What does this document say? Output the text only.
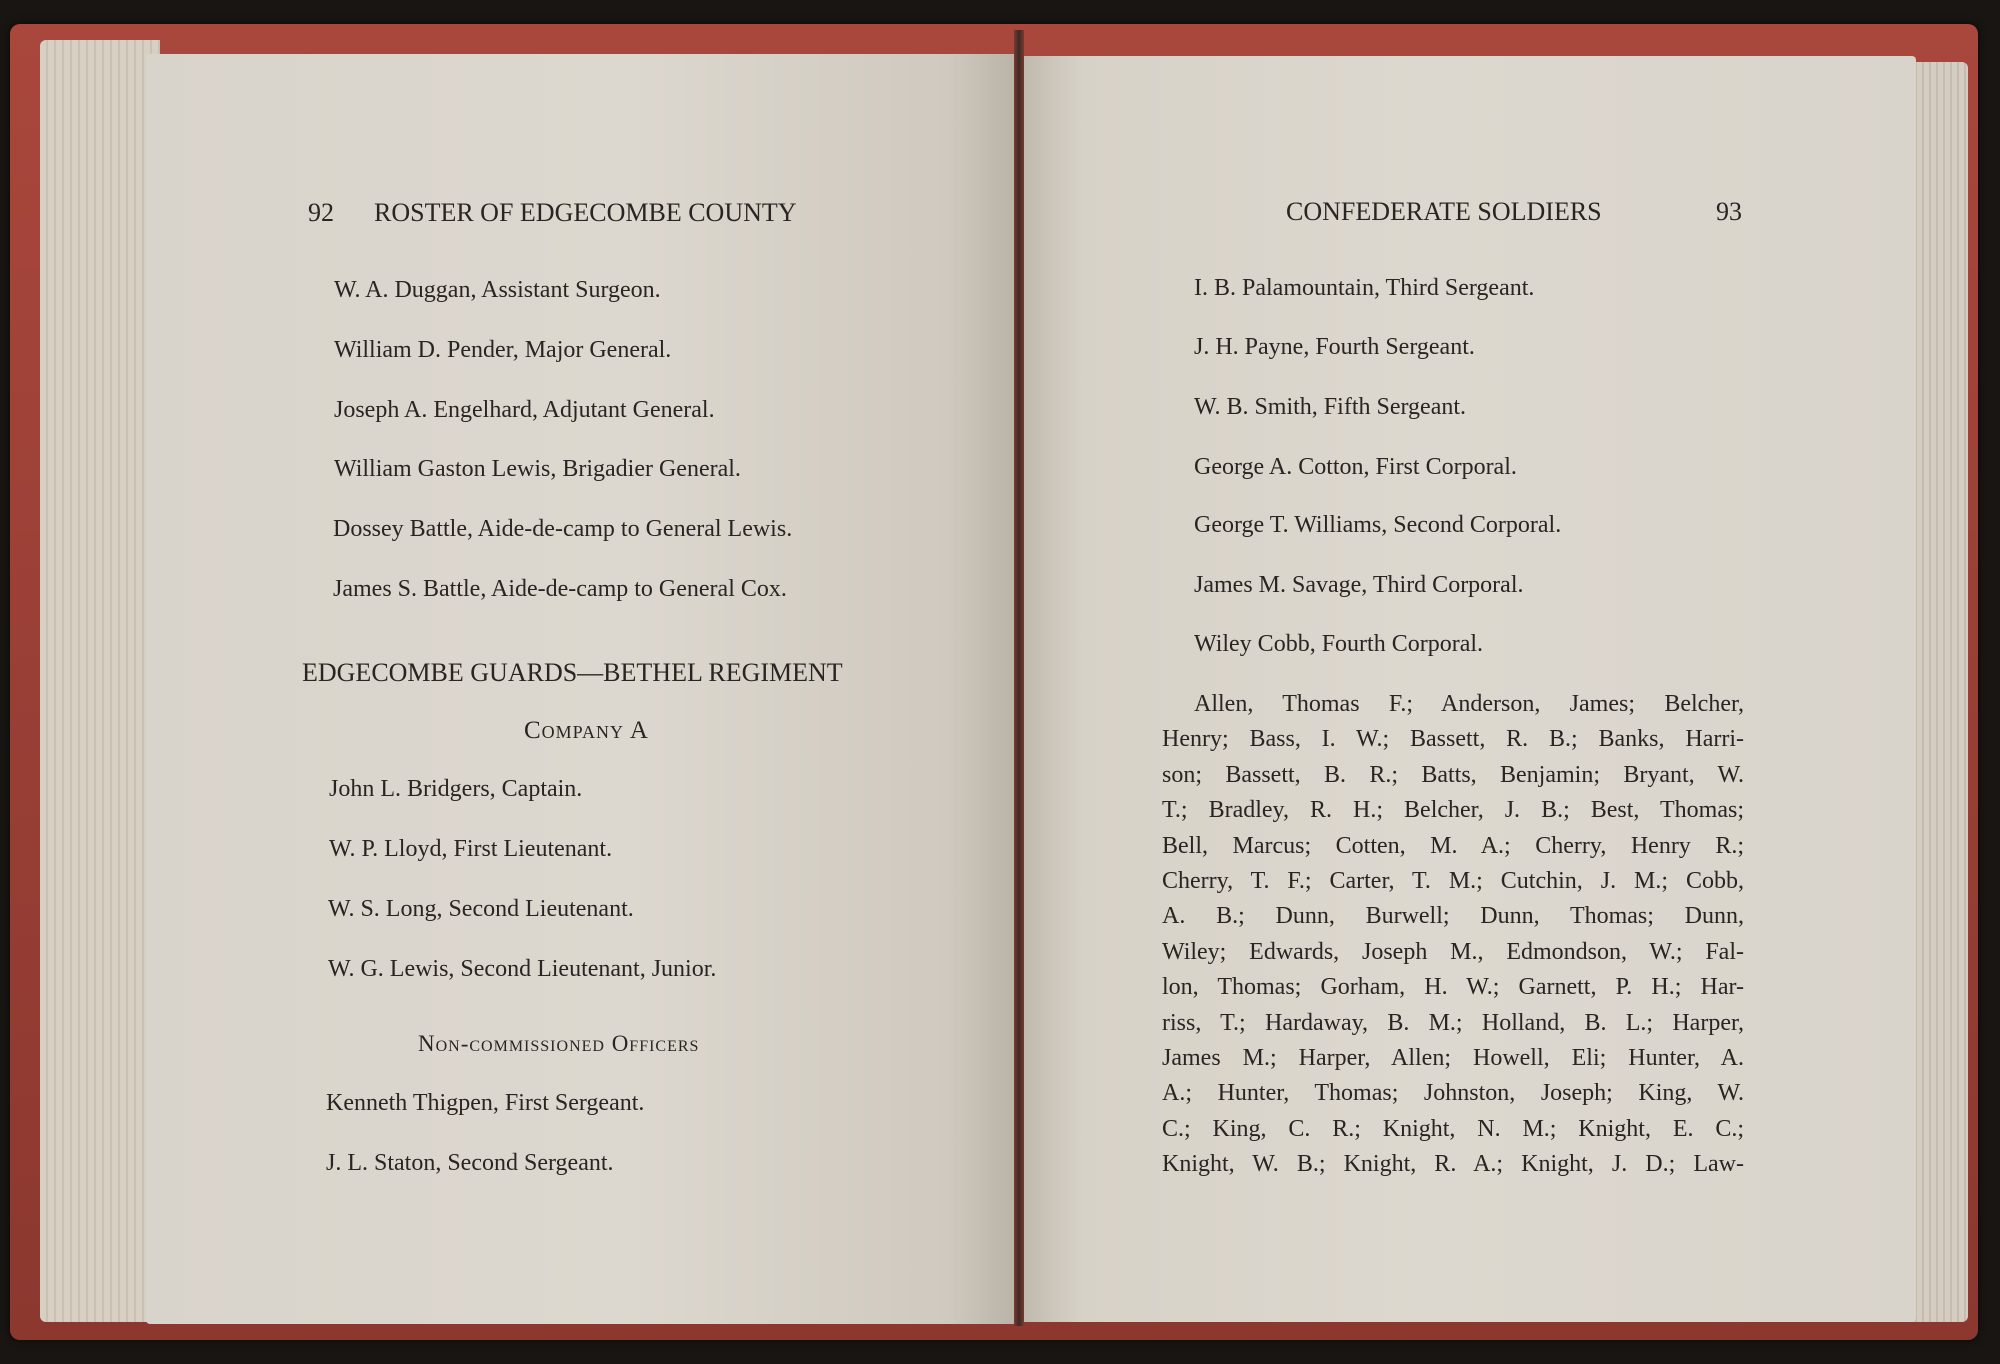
92 ROSTER OF EDGECOMBE COUNTY
W. A. Duggan, Assistant Surgeon.
William D. Pender, Major General.
Joseph A. Engelhard, Adjutant General.
William Gaston Lewis, Brigadier General.
Dossey Battle, Aide-de-camp to General Lewis.
James S. Battle, Aide-de-camp to General Cox.
EDGECOMBE GUARDS—BETHEL REGIMENT
Company A
John L. Bridgers, Captain.
W. P. Lloyd, First Lieutenant.
W. S. Long, Second Lieutenant.
W. G. Lewis, Second Lieutenant, Junior.
Non-commissioned Officers
Kenneth Thigpen, First Sergeant.
J. L. Staton, Second Sergeant.
CONFEDERATE SOLDIERS	93
I. B. Palamountain, Third Sergeant.
J. H. Payne, Fourth Sergeant.
W. B. Smith, Fifth Sergeant.
George A. Cotton, First Corporal.
George T. Williams, Second Corporal.
James M. Savage, Third Corporal.
Wiley Cobb, Fourth Corporal.
Allen, Thomas F.; Anderson, James; Belcher,
Henry; Bass, I. W.; Bassett, R. B.; Banks, Harri-
son; Bassett, B. R.; Batts, Benjamin; Bryant, W.
T.; Bradley, R. H.; Belcher, J. B.; Best, Thomas;
Bell, Marcus; Cotten, M. A.; Cherry, Henry R.;
Cherry, T. F.; Carter, T. M.; Cutchin, J. M.; Cobb,
A. B.; Dunn, Burwell; Dunn, Thomas; Dunn,
Wiley; Edwards, Joseph M., Edmondson, W.; Fal-
lon, Thomas; Gorham, H. W.; Garnett, P. H.; Har-
riss, T.; Hardaway, B. M.; Holland, B. L.; Harper,
James M.; Harper, Allen; Howell, Eli; Hunter, A.
A.; Hunter, Thomas; Johnston, Joseph; King, W.
C.; King, C. R.; Knight, N. M.; Knight, E. C.;
Knight, W. B.; Knight, R. A.; Knight, J. D.; Law-
